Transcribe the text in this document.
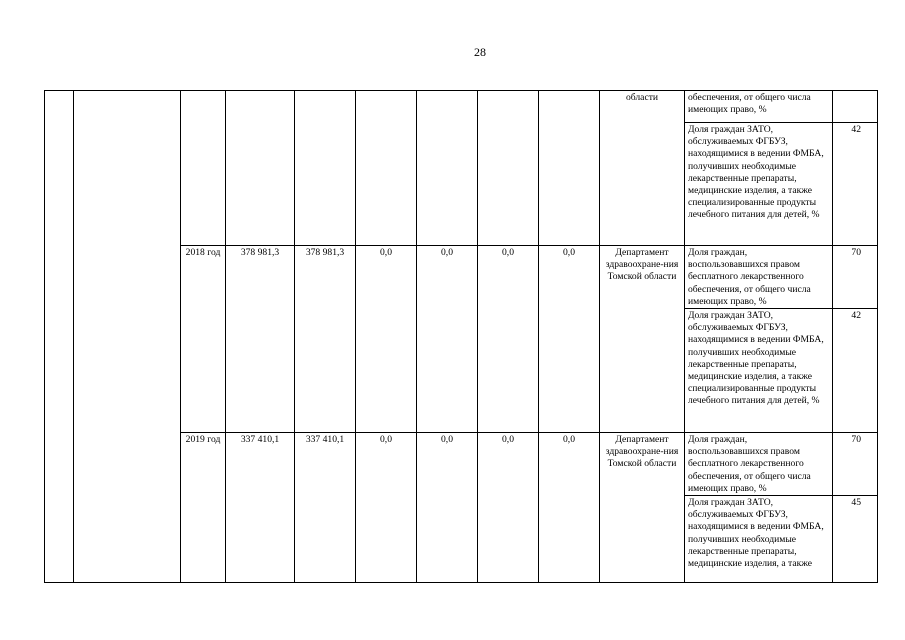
28
									области	обеспечения, от общего числа имеющих право, %	
										Доля граждан ЗАТО, обслуживаемых ФГБУЗ, находящимися в ведении ФМБА, получивших необходимые лекарственные препараты, медицинские изделия, а также специализированные продукты лечебного питания для детей, %	42
		2018 год	378 981,3	378 981,3	0,0	0,0	0,0	0,0	Департамент здравоохране-ния Томской области	Доля граждан, воспользовавшихся правом бесплатного лекарственного обеспечения, от общего числа имеющих право, %	70
										Доля граждан ЗАТО, обслуживаемых ФГБУЗ, находящимися в ведении ФМБА, получивших необходимые лекарственные препараты, медицинские изделия, а также специализированные продукты лечебного питания для детей, %	42
		2019 год	337 410,1	337 410,1	0,0	0,0	0,0	0,0	Департамент здравоохране-ния Томской области	Доля граждан, воспользовавшихся правом бесплатного лекарственного обеспечения, от общего числа имеющих право, %	70
										Доля граждан ЗАТО, обслуживаемых ФГБУЗ, находящимися в ведении ФМБА, получивших необходимые лекарственные препараты, медицинские изделия, а также	45
